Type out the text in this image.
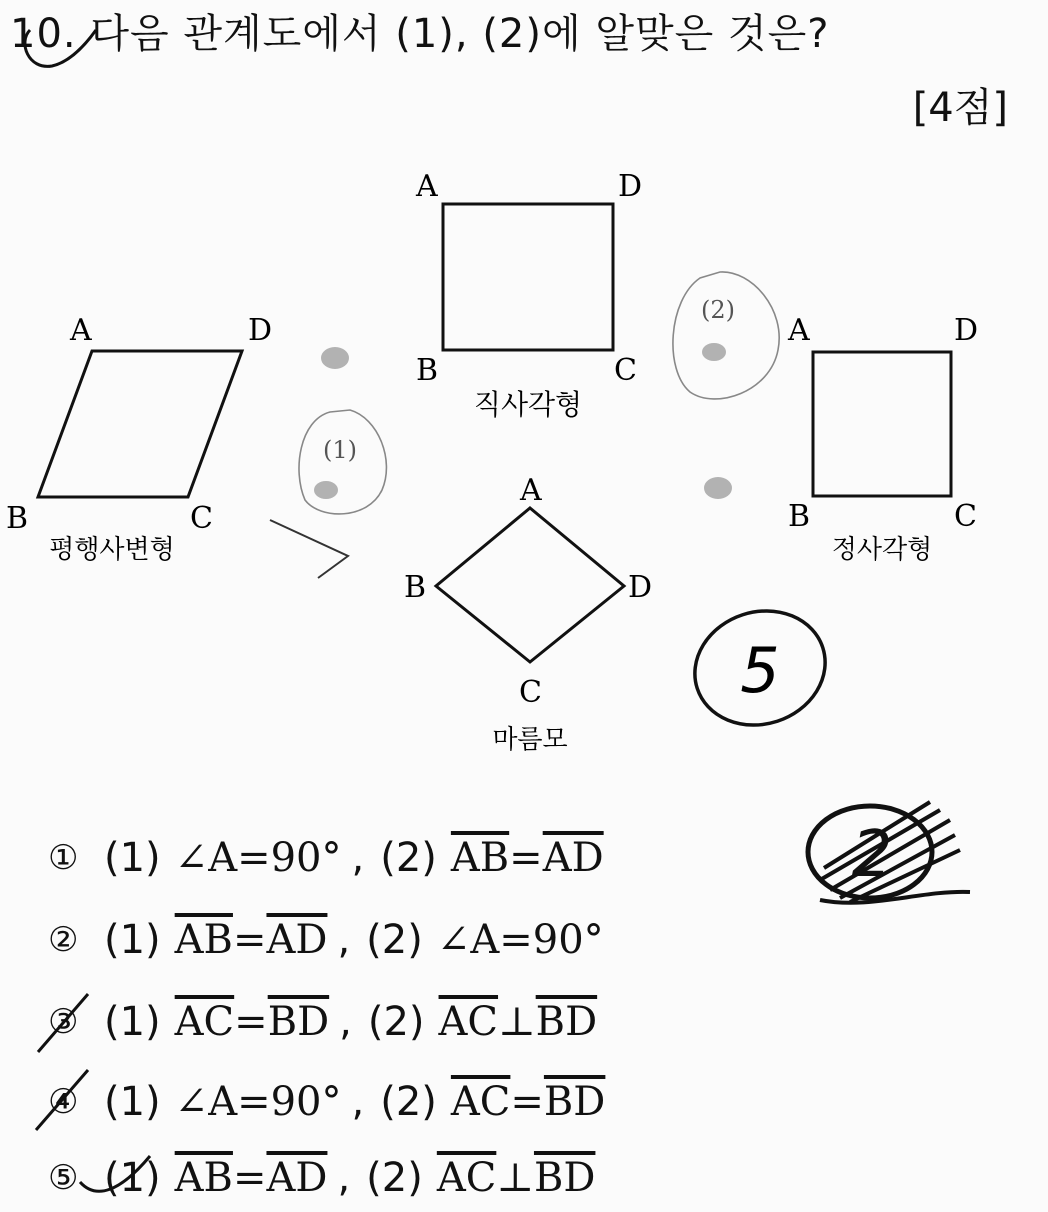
10. 다음 관계도에서 (1), (2)에 알맞은 것은?
[4점]
A
B	C
D
직사각형
A
B	C
D
평행사변형
A
B	C
D
정사각형
A
B
C
D
마름모
(1)
(2)
5
2
① (1) ∠A=90° , (2) $\overline{AB}=\overline{AD}$
② (1) $\overline{AB}=\overline{AD}$ , (2) ∠A=90°
③ (1) $\overline{AC}=\overline{BD}$ , (2) $\overline{AC}\perp\overline{BD}$
④ (1) ∠A=90° , (2) $\overline{AC}=\overline{BD}$
⑤ (1) $\overline{AB}=\overline{AD}$ , (2) $\overline{AC}\perp\overline{BD}$
